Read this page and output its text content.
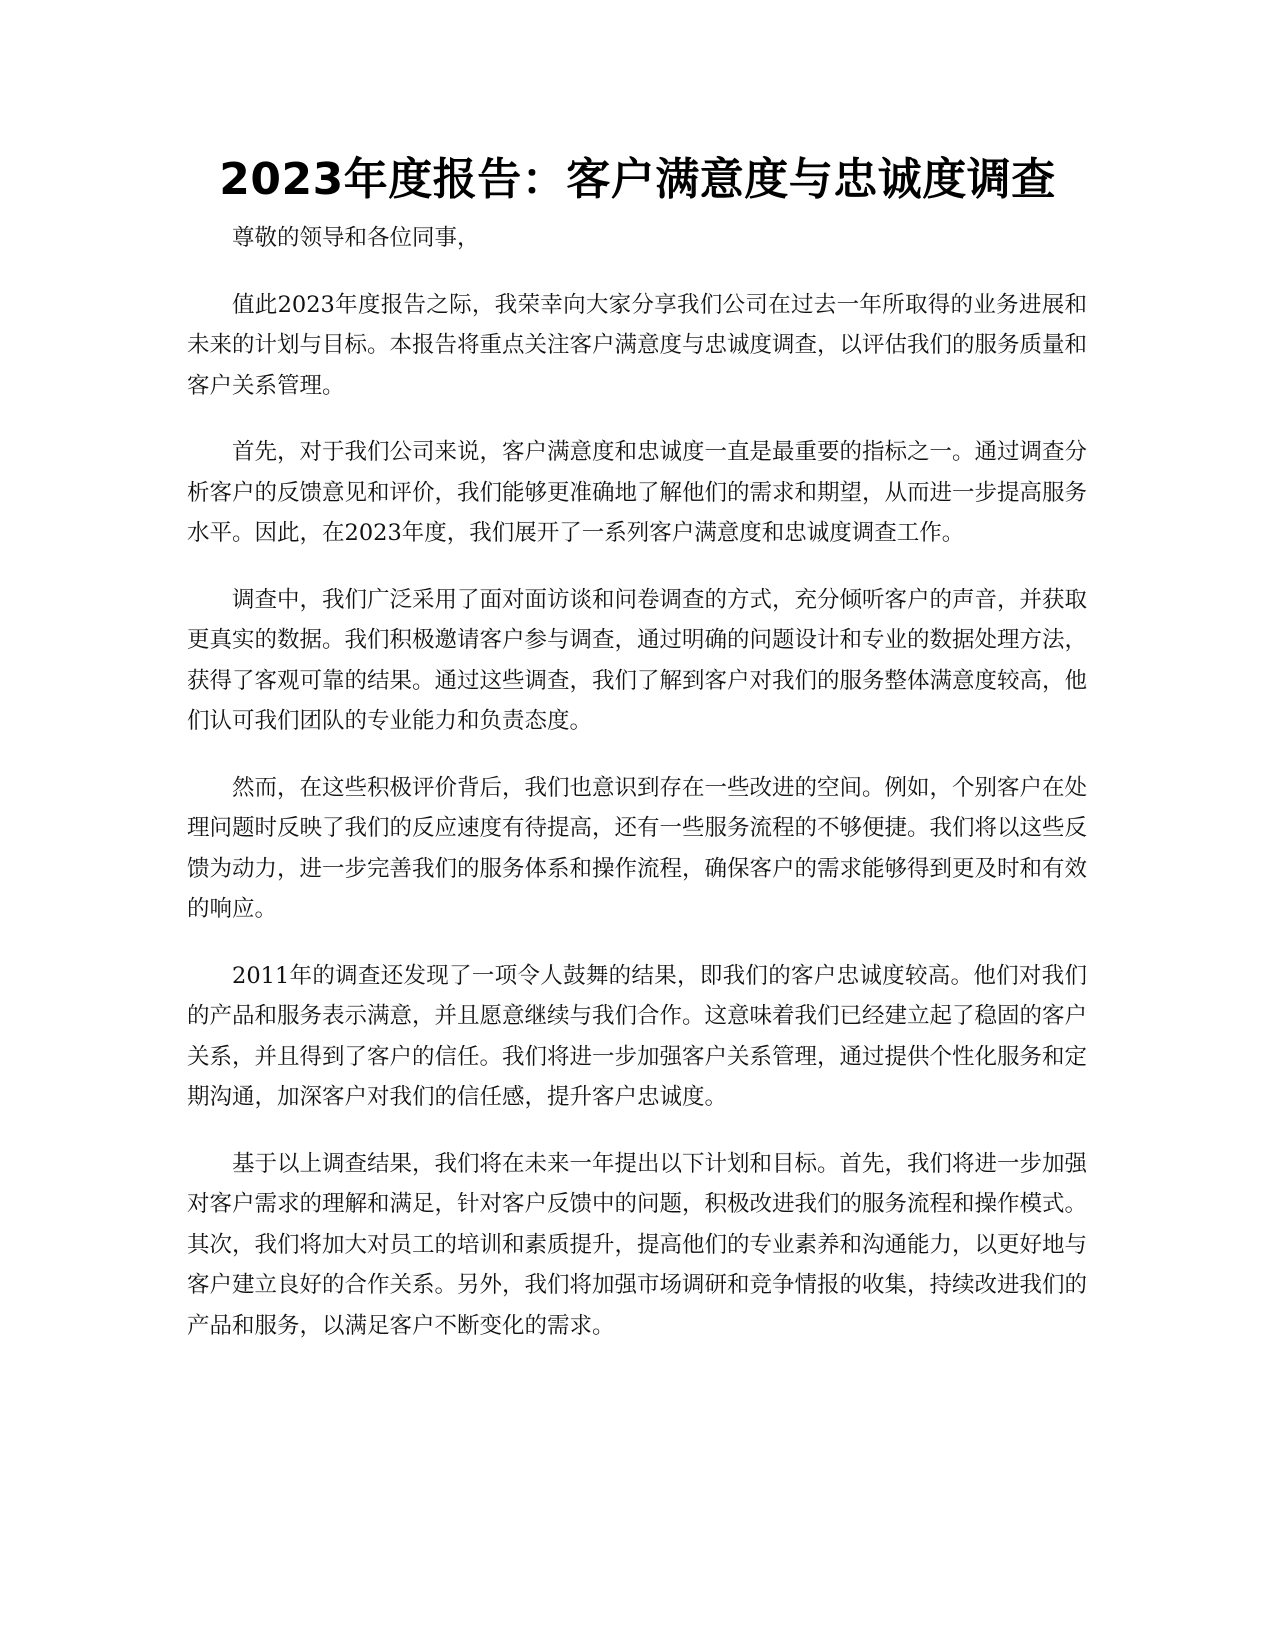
2023年度报告：客户满意度与忠诚度调查

尊敬的领导和各位同事，

值此2023年度报告之际，我荣幸向大家分享我们公司在过去一年所取得的业务进展和未来的计划与目标。本报告将重点关注客户满意度与忠诚度调查，以评估我们的服务质量和客户关系管理。

首先，对于我们公司来说，客户满意度和忠诚度一直是最重要的指标之一。通过调查分析客户的反馈意见和评价，我们能够更准确地了解他们的需求和期望，从而进一步提高服务水平。因此，在2023年度，我们展开了一系列客户满意度和忠诚度调查工作。

调查中，我们广泛采用了面对面访谈和问卷调查的方式，充分倾听客户的声音，并获取更真实的数据。我们积极邀请客户参与调查，通过明确的问题设计和专业的数据处理方法，获得了客观可靠的结果。通过这些调查，我们了解到客户对我们的服务整体满意度较高，他们认可我们团队的专业能力和负责态度。

然而，在这些积极评价背后，我们也意识到存在一些改进的空间。例如，个别客户在处理问题时反映了我们的反应速度有待提高，还有一些服务流程的不够便捷。我们将以这些反馈为动力，进一步完善我们的服务体系和操作流程，确保客户的需求能够得到更及时和有效的响应。

2011年的调查还发现了一项令人鼓舞的结果，即我们的客户忠诚度较高。他们对我们的产品和服务表示满意，并且愿意继续与我们合作。这意味着我们已经建立起了稳固的客户关系，并且得到了客户的信任。我们将进一步加强客户关系管理，通过提供个性化服务和定期沟通，加深客户对我们的信任感，提升客户忠诚度。

基于以上调查结果，我们将在未来一年提出以下计划和目标。首先，我们将进一步加强对客户需求的理解和满足，针对客户反馈中的问题，积极改进我们的服务流程和操作模式。其次，我们将加大对员工的培训和素质提升，提高他们的专业素养和沟通能力，以更好地与客户建立良好的合作关系。另外，我们将加强市场调研和竞争情报的收集，持续改进我们的产品和服务，以满足客户不断变化的需求。
